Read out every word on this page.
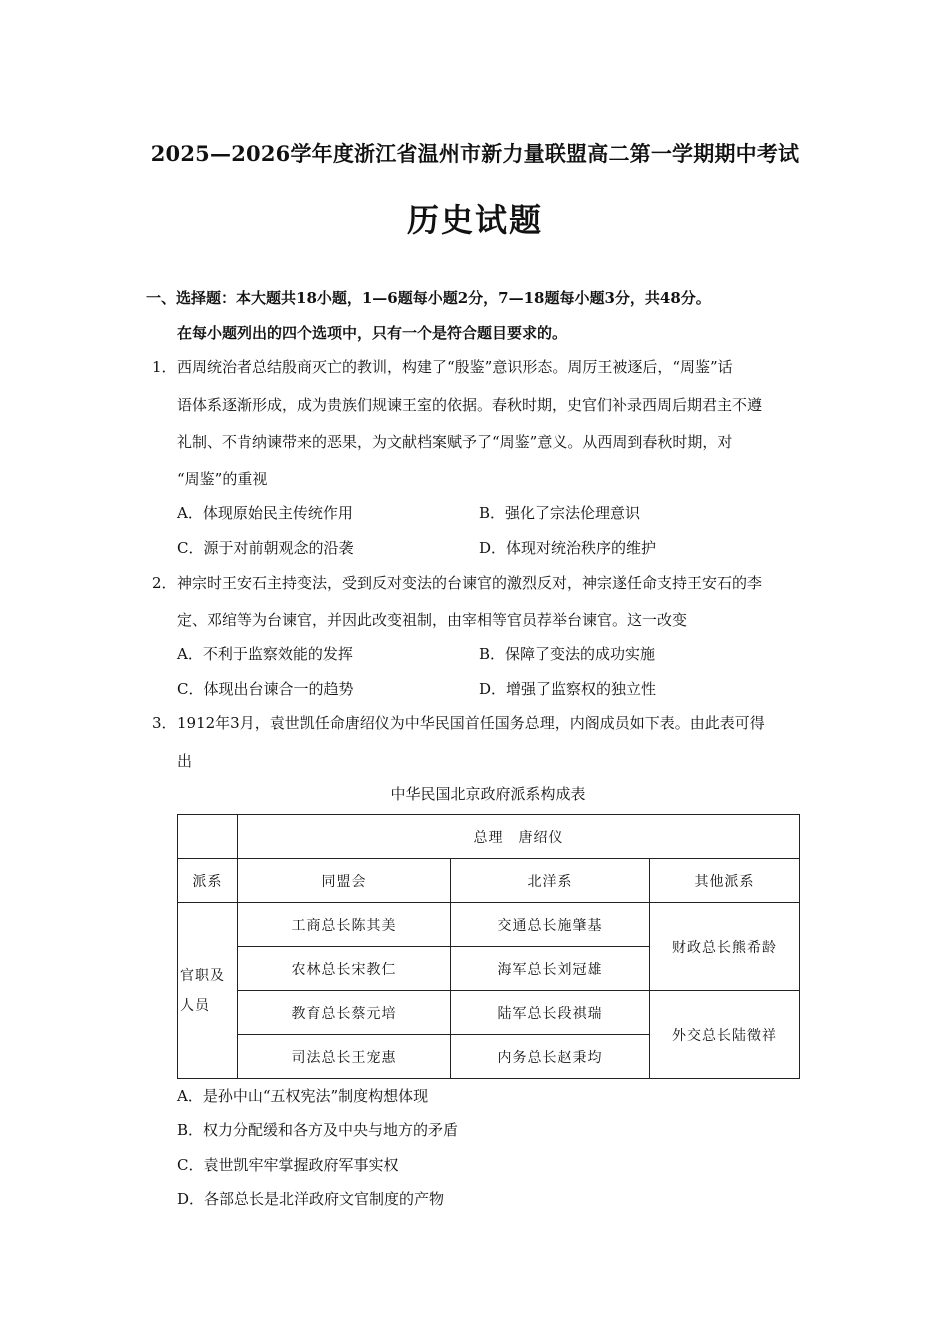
2025—2026学年度浙江省温州市新力量联盟高二第一学期期中考试
历史试题
一、选择题：本大题共18小题，1—6题每小题2分，7—18题每小题3分，共48分。
在每小题列出的四个选项中，只有一个是符合题目要求的。
1． 西周统治者总结殷商灭亡的教训，构建了“殷鉴”意识形态。周厉王被逐后，“周鉴”话
语体系逐渐形成，成为贵族们规谏王室的依据。春秋时期，史官们补录西周后期君主不遵
礼制、不肯纳谏带来的恶果，为文献档案赋予了“周鉴”意义。从西周到春秋时期，对
“周鉴”的重视
A．体现原始民主传统作用	B．强化了宗法伦理意识
C．源于对前朝观念的沿袭	D．体现对统治秩序的维护
2． 神宗时王安石主持变法，受到反对变法的台谏官的激烈反对，神宗遂任命支持王安石的李
定、邓绾等为台谏官，并因此改变祖制，由宰相等官员荐举台谏官。这一改变
A．不利于监察效能的发挥	B．保障了变法的成功实施
C．体现出台谏合一的趋势	D．增强了监察权的独立性
3． 1912年3月，袁世凯任命唐绍仪为中华民国首任国务总理，内阁成员如下表。由此表可得
出
中华民国北京政府派系构成表
	总理　唐绍仪		
派系	同盟会	北洋系	其他派系
官职及人员	工商总长陈其美	交通总长施肇基	财政总长熊希龄
	农林总长宋教仁	海军总长刘冠雄	
	教育总长蔡元培	陆军总长段祺瑞	外交总长陆徵祥
	司法总长王宠惠	内务总长赵秉均	
A．是孙中山“五权宪法”制度构想体现
B．权力分配缓和各方及中央与地方的矛盾
C．袁世凯牢牢掌握政府军事实权
D．各部总长是北洋政府文官制度的产物
